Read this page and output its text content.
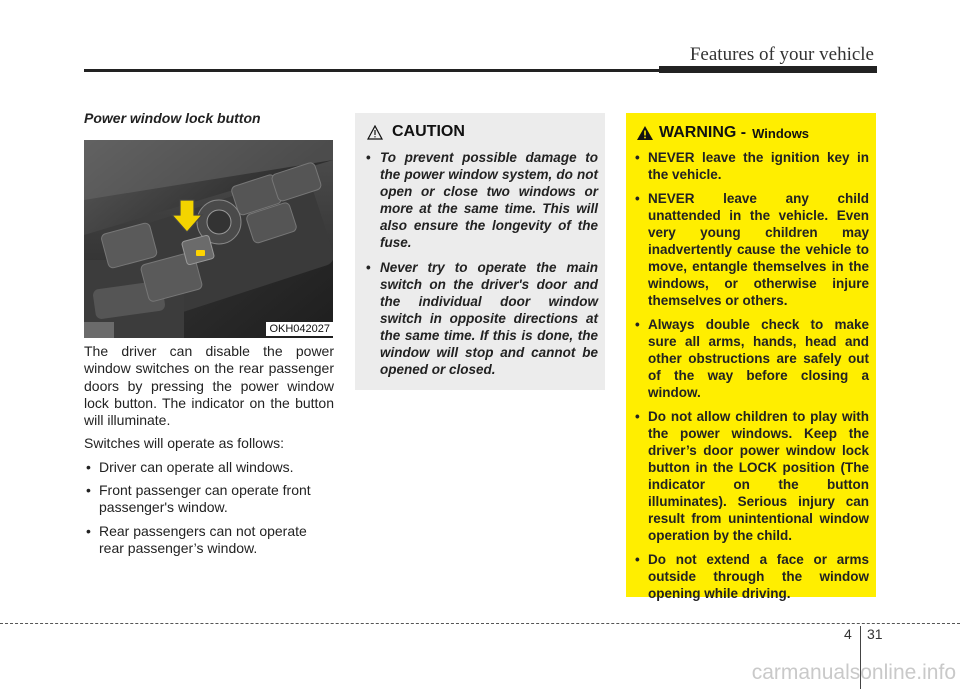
Features of your vehicle
Power window lock button
OKH042027

The driver can disable the power window switches on the rear passenger doors by pressing the power window lock button. The indicator on the button will illuminate.

Switches will operate as follows:

• Driver can operate all windows.
• Front passenger can operate front passenger's window.
• Rear passengers can not operate rear passenger’s window.
CAUTION
• To prevent possible damage to the power window system, do not open or close two windows or more at the same time. This will also ensure the longevity of the fuse.
• Never try to operate the main switch on the driver's door and the individual door window switch in opposite directions at the same time. If this is done, the window will stop and cannot be opened or closed.
WARNING - Windows
• NEVER leave the ignition key in the vehicle.
• NEVER leave any child unattended in the vehicle. Even very young children may inadvertently cause the vehicle to move, entangle themselves in the windows, or otherwise injure themselves or others.
• Always double check to make sure all arms, hands, head and other obstructions are safely out of the way before closing a window.
• Do not allow children to play with the power windows. Keep the driver’s door power window lock button in the LOCK position (The indicator on the button illuminates). Serious injury can result from unintentional window operation by the child.
• Do not extend a face or arms outside through the window opening while driving.
4 31
carmanualsonline.info
